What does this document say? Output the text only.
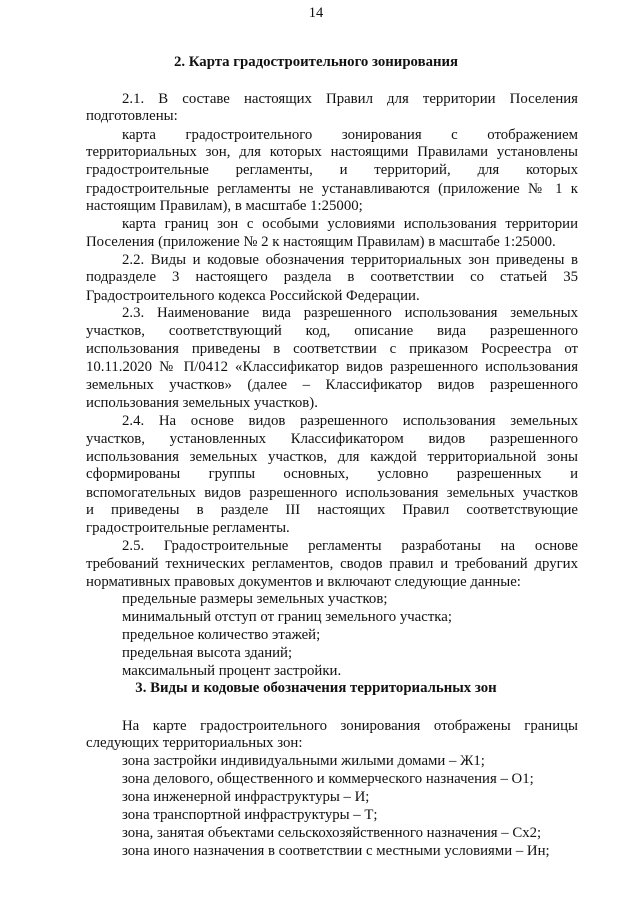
14
2. Карта градостроительного зонирования
2.1. В составе настоящих Правил для территории Поселения
подготовлены:
карта градостроительного зонирования с отображением
территориальных зон, для которых настоящими Правилами установлены
градостроительные регламенты, и территорий, для которых
градостроительные регламенты не устанавливаются (приложение № 1 к
настоящим Правилам), в масштабе 1:25000;
карта границ зон с особыми условиями использования территории
Поселения (приложение № 2 к настоящим Правилам) в масштабе 1:25000.
2.2. Виды и кодовые обозначения территориальных зон приведены в
подразделе 3 настоящего раздела в соответствии со статьей 35
Градостроительного кодекса Российской Федерации.
2.3. Наименование вида разрешенного использования земельных
участков, соответствующий код, описание вида разрешенного
использования приведены в соответствии с приказом Росреестра от
10.11.2020 № П/0412 «Классификатор видов разрешенного использования
земельных участков» (далее – Классификатор видов разрешенного
использования земельных участков).
2.4. На основе видов разрешенного использования земельных
участков, установленных Классификатором видов разрешенного
использования земельных участков, для каждой территориальной зоны
сформированы группы основных, условно разрешенных и
вспомогательных видов разрешенного использования земельных участков
и приведены в разделе III настоящих Правил соответствующие
градостроительные регламенты.
2.5. Градостроительные регламенты разработаны на основе
требований технических регламентов, сводов правил и требований других
нормативных правовых документов и включают следующие данные:
предельные размеры земельных участков;
минимальный отступ от границ земельного участка;
предельное количество этажей;
предельная высота зданий;
максимальный процент застройки.
3. Виды и кодовые обозначения территориальных зон
На карте градостроительного зонирования отображены границы
следующих территориальных зон:
зона застройки индивидуальными жилыми домами – Ж1;
зона делового, общественного и коммерческого назначения – О1;
зона инженерной инфраструктуры – И;
зона транспортной инфраструктуры – Т;
зона, занятая объектами сельскохозяйственного назначения – Сх2;
зона иного назначения в соответствии с местными условиями – Ин;
